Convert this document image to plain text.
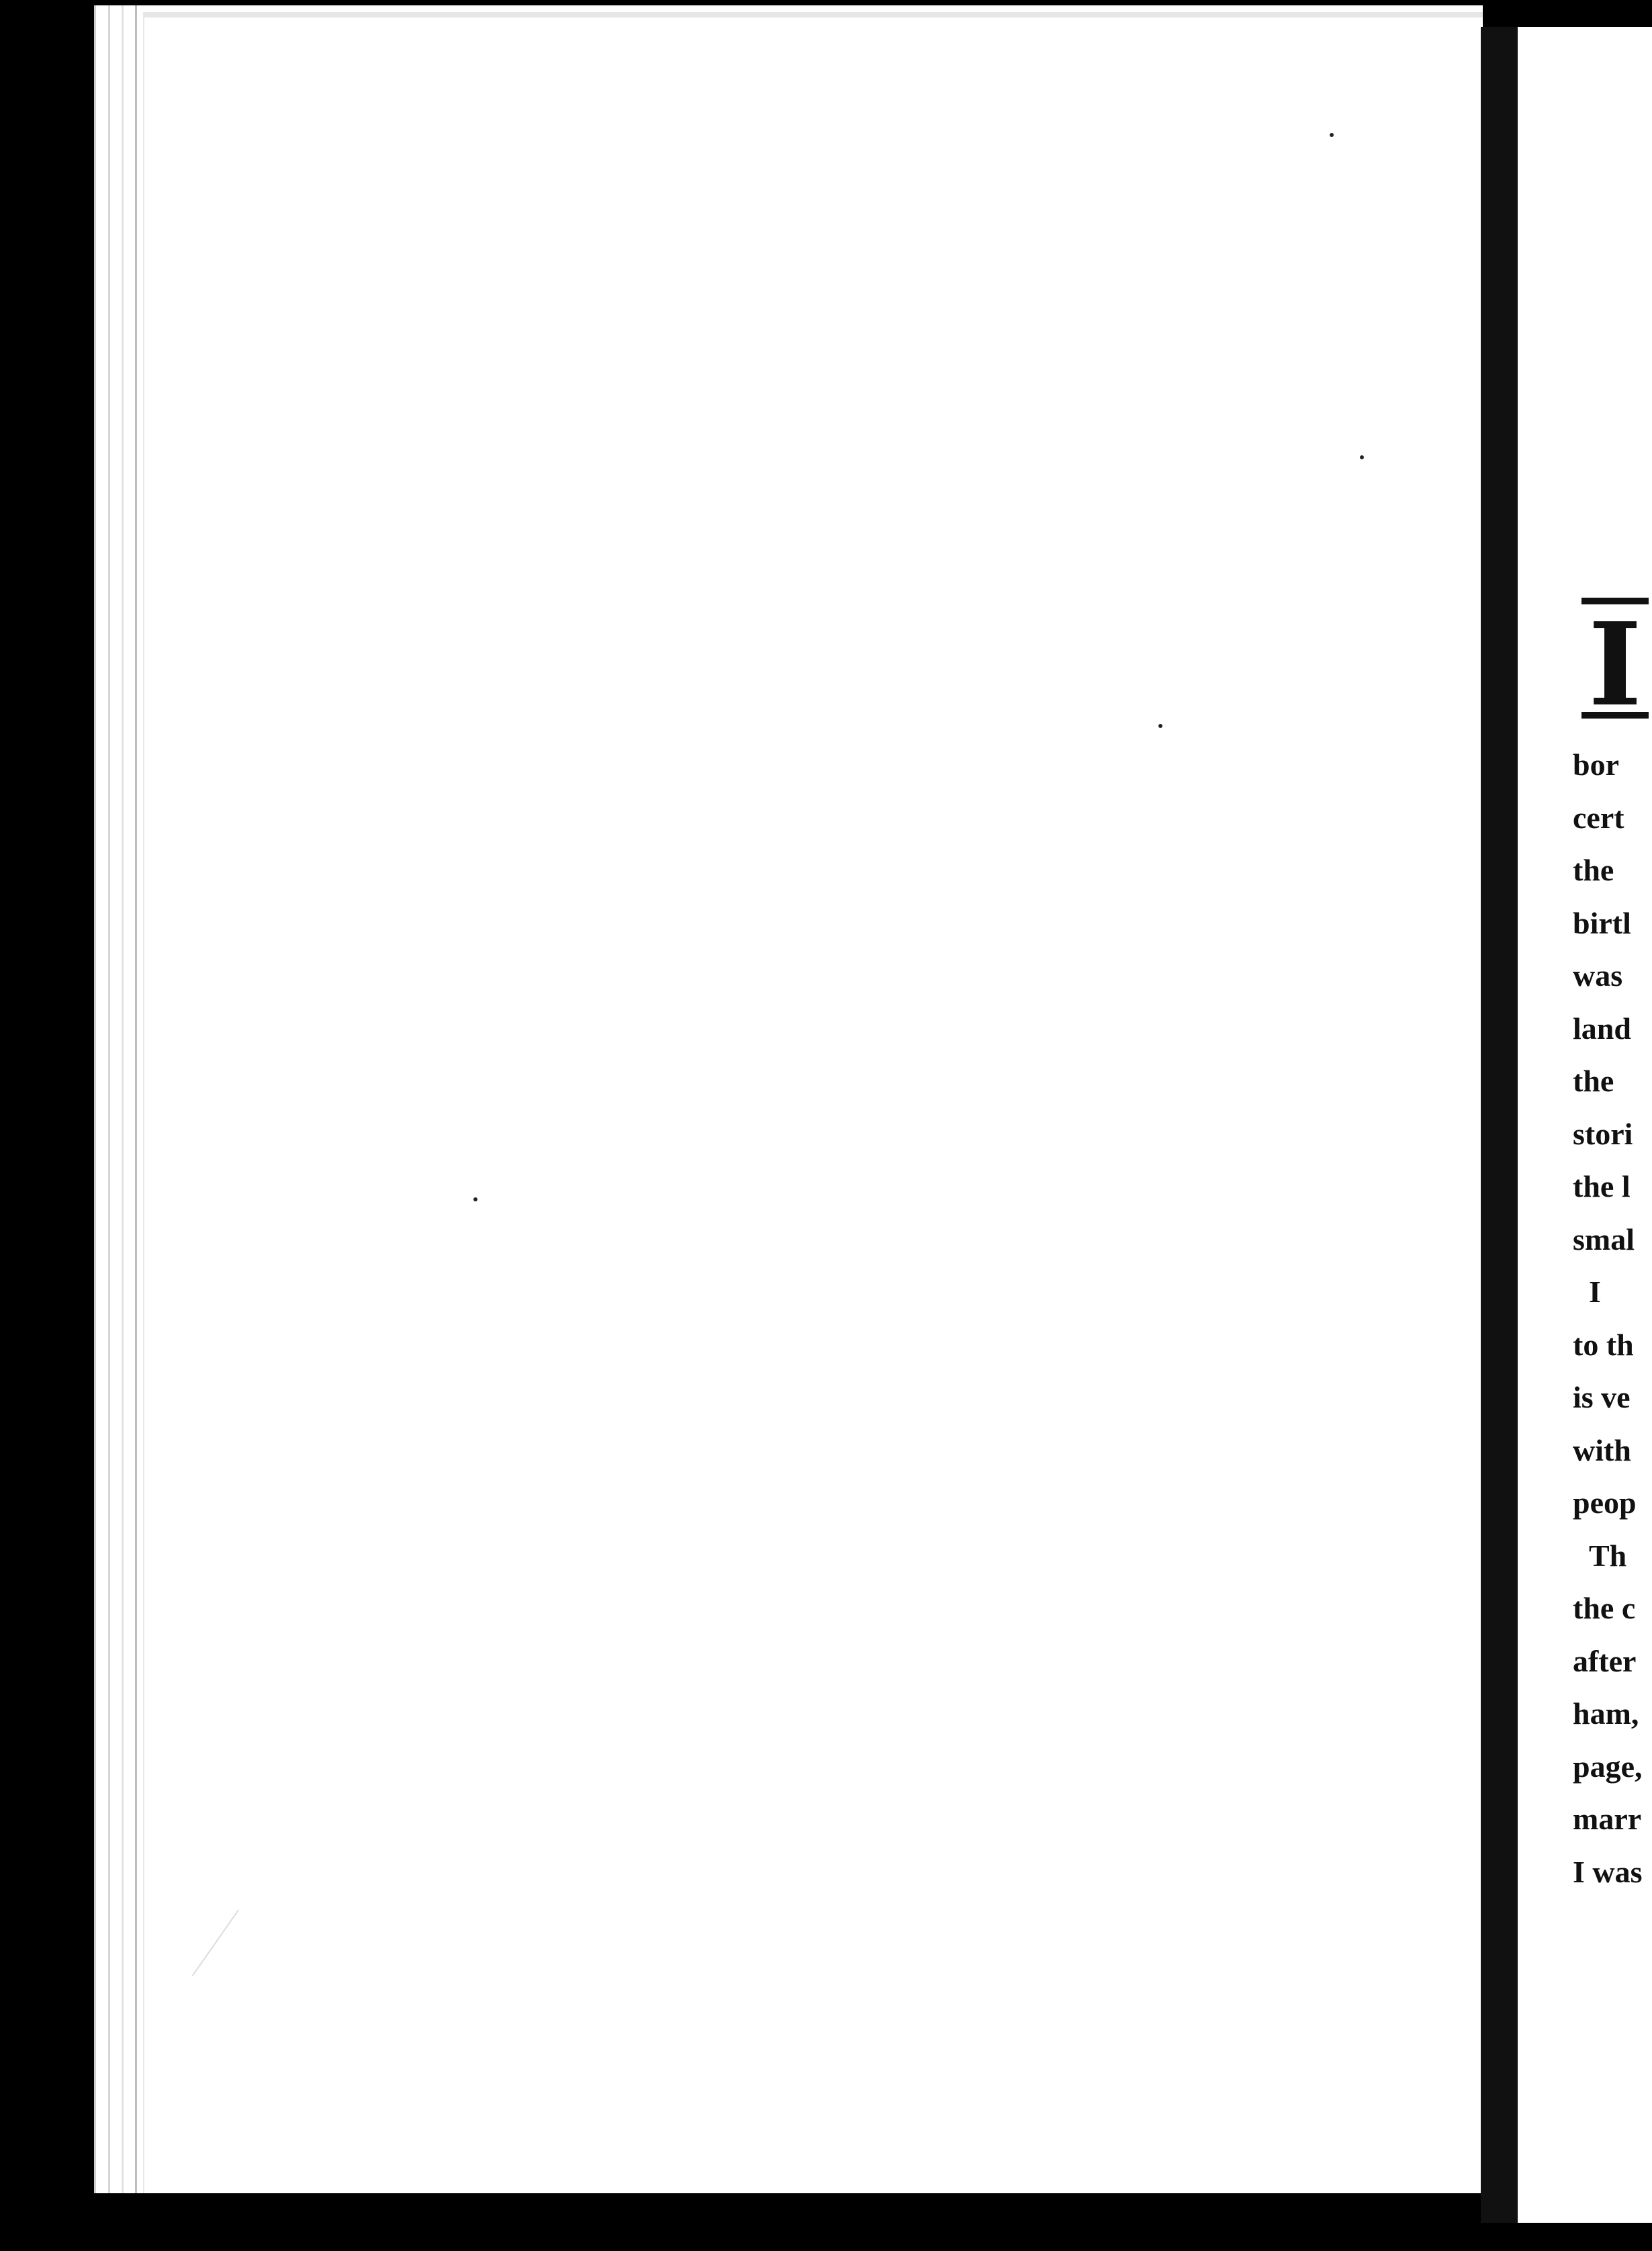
I
bor
cert
the
birtl
was
land
the
stori
the l
smal
I
to th
is ve
with
peop
Th
the c
after
ham,
page,
marr
I was
